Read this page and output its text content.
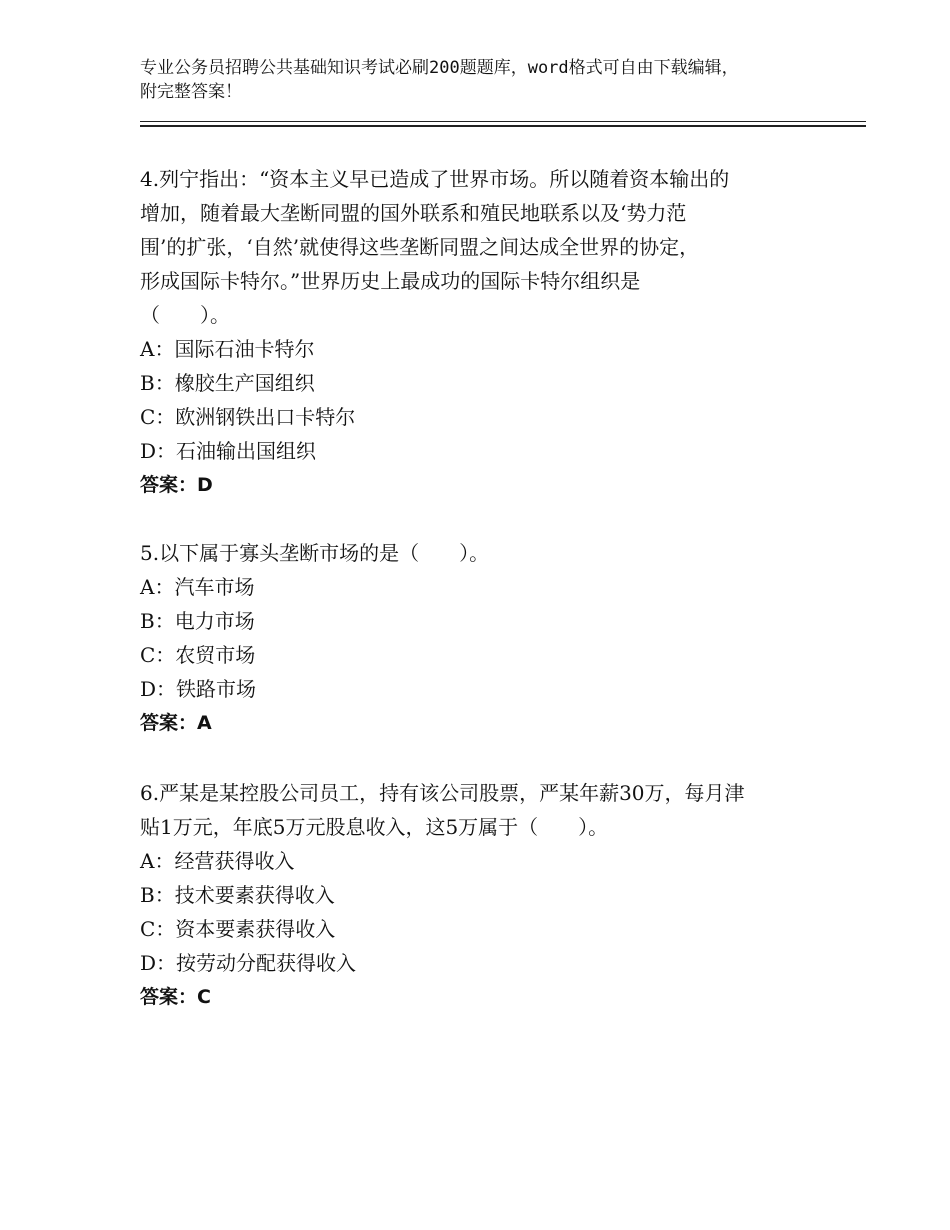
专业公务员招聘公共基础知识考试必刷200题题库，word格式可自由下载编辑，
附完整答案！

4.列宁指出：“资本主义早已造成了世界市场。所以随着资本输出的

增加，随着最大垄断同盟的国外联系和殖民地联系以及‘势力范

围’的扩张，‘自然’就使得这些垄断同盟之间达成全世界的协定，

形成国际卡特尔。”世界历史上最成功的国际卡特尔组织是

（　　）。

A：国际石油卡特尔

B：橡胶生产国组织

C：欧洲钢铁出口卡特尔

D：石油输出国组织

答案：D

5.以下属于寡头垄断市场的是（　　）。

A：汽车市场

B：电力市场

C：农贸市场

D：铁路市场

答案：A

6.严某是某控股公司员工，持有该公司股票，严某年薪30万，每月津

贴1万元，年底5万元股息收入，这5万属于（　　）。

A：经营获得收入

B：技术要素获得收入

C：资本要素获得收入

D：按劳动分配获得收入

答案：C
